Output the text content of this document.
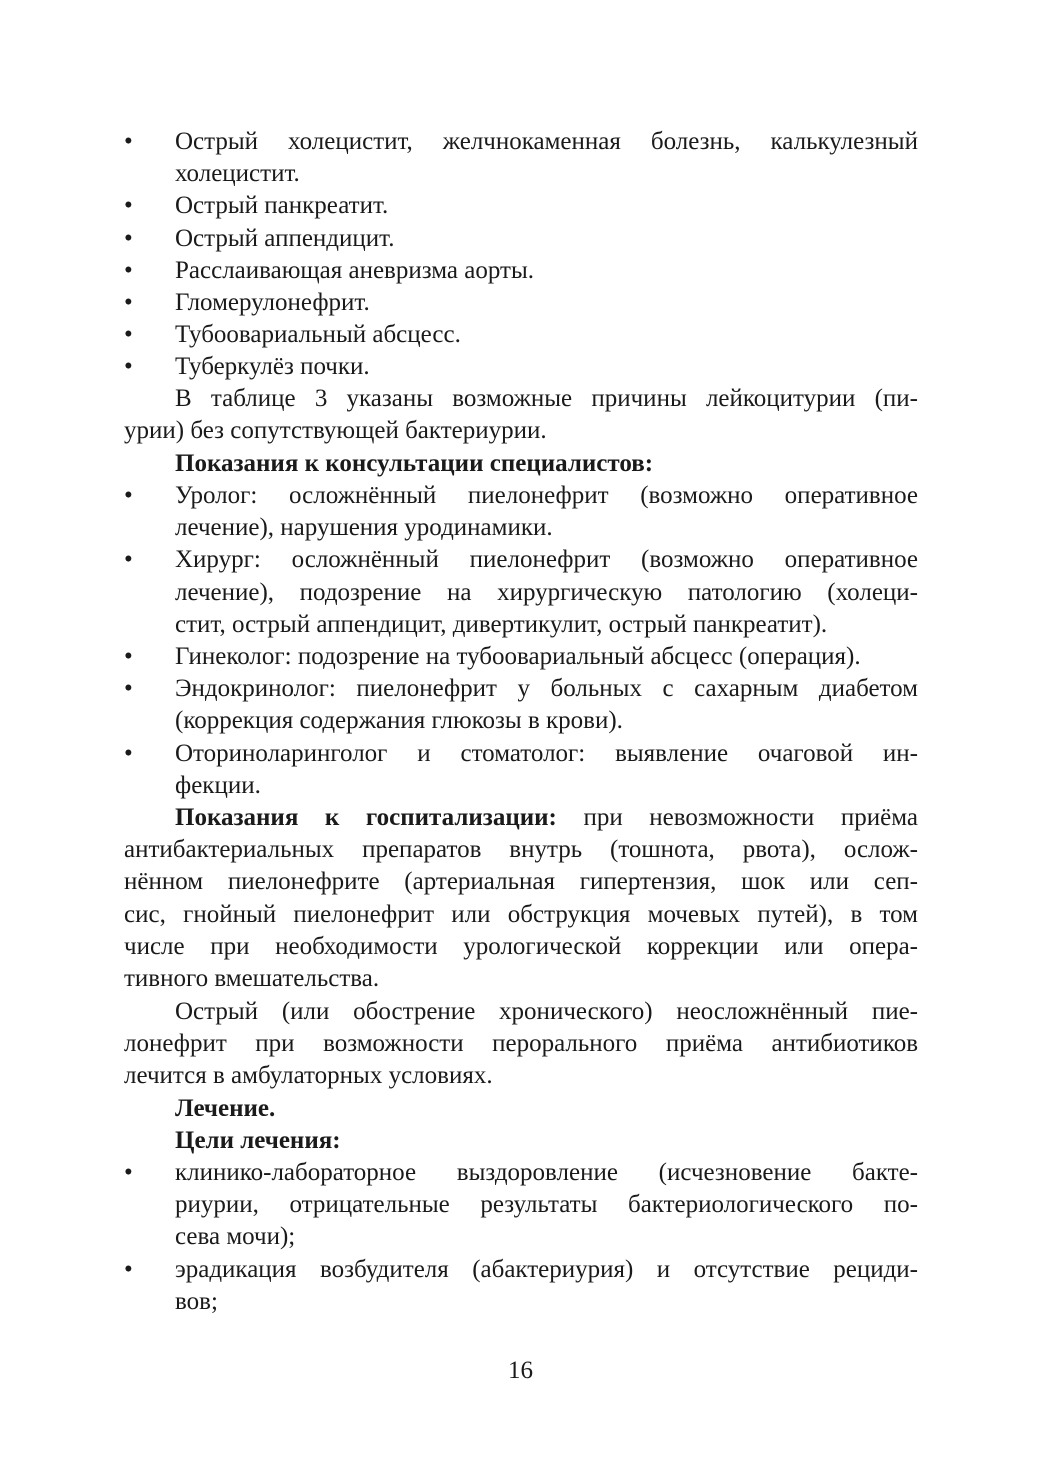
• Острый холецистит, желчнокаменная болезнь, калькулезный
холецистит.
• Острый панкреатит.
• Острый аппендицит.
• Расслаивающая аневризма аорты.
• Гломерулонефрит.
• Тубоовариальный абсцесс.
• Туберкулёз почки.
В таблице 3 указаны возможные причины лейкоцитурии (пи-
урии) без сопутствующей бактериурии.
Показания к консультации специалистов:
• Уролог: осложнённый пиелонефрит (возможно оперативное
лечение), нарушения уродинамики.
• Хирург: осложнённый пиелонефрит (возможно оперативное
лечение), подозрение на хирургическую патологию (холеци-
стит, острый аппендицит, дивертикулит, острый панкреатит).
• Гинеколог: подозрение на тубоовариальный абсцесс (операция).
• Эндокринолог: пиелонефрит у больных с сахарным диабетом
(коррекция содержания глюкозы в крови).
• Оториноларинголог и стоматолог: выявление очаговой ин-
фекции.
Показания к госпитализации: при невозможности приёма
антибактериальных препаратов внутрь (тошнота, рвота), ослож-
нённом пиелонефрите (артериальная гипертензия, шок или сеп-
сис, гнойный пиелонефрит или обструкция мочевых путей), в том
числе при необходимости урологической коррекции или опера-
тивного вмешательства.
Острый (или обострение хронического) неосложнённый пие-
лонефрит при возможности перорального приёма антибиотиков
лечится в амбулаторных условиях.
Лечение.
Цели лечения:
• клинико-лабораторное выздоровление (исчезновение бакте-
риурии, отрицательные результаты бактериологического по-
сева мочи);
• эрадикация возбудителя (абактериурия) и отсутствие рециди-
вов;
16
